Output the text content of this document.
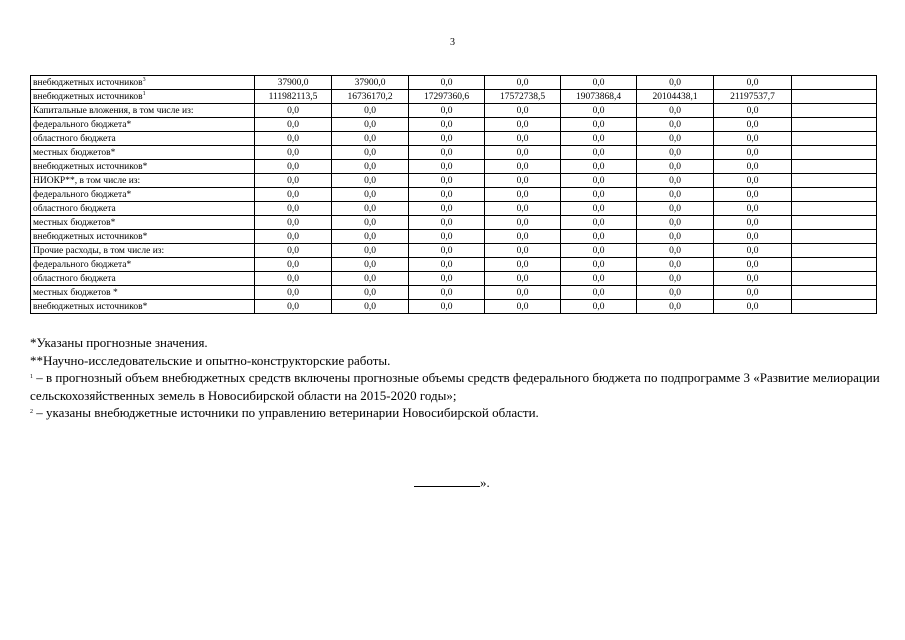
3
внебюджетных источников$^3$	37900,0	37900,0	0,0	0,0	0,0	0,0	0,0	
внебюджетных источников$^1$	111982113,5	16736170,2	17297360,6	17572738,5	19073868,4	20104438,1	21197537,7	
Капитальные вложения, в том числе из:	0,0	0,0	0,0	0,0	0,0	0,0	0,0	
федерального бюджета*	0,0	0,0	0,0	0,0	0,0	0,0	0,0	
областного бюджета	0,0	0,0	0,0	0,0	0,0	0,0	0,0	
местных бюджетов*	0,0	0,0	0,0	0,0	0,0	0,0	0,0	
внебюджетных источников*	0,0	0,0	0,0	0,0	0,0	0,0	0,0	
НИОКР**, в том числе из:	0,0	0,0	0,0	0,0	0,0	0,0	0,0	
федерального бюджета*	0,0	0,0	0,0	0,0	0,0	0,0	0,0	
областного бюджета	0,0	0,0	0,0	0,0	0,0	0,0	0,0	
местных бюджетов*	0,0	0,0	0,0	0,0	0,0	0,0	0,0	
внебюджетных источников*	0,0	0,0	0,0	0,0	0,0	0,0	0,0	
Прочие расходы, в том числе из:	0,0	0,0	0,0	0,0	0,0	0,0	0,0	
федерального бюджета*	0,0	0,0	0,0	0,0	0,0	0,0	0,0	
областного бюджета	0,0	0,0	0,0	0,0	0,0	0,0	0,0	
местных бюджетов *	0,0	0,0	0,0	0,0	0,0	0,0	0,0	
внебюджетных источников*	0,0	0,0	0,0	0,0	0,0	0,0	0,0	

*Указаны прогнозные значения.

**Научно-исследовательские и опытно-конструкторские работы.

$^1$ – в прогнозный объем внебюджетных средств включены прогнозные объемы средств федерального бюджета по подпрограмме 3 «Развитие мелиорации сельскохозяйственных земель в Новосибирской области на 2015-2020 годы»;

$^2$ – указаны внебюджетные источники по управлению ветеринарии Новосибирской области.

».
